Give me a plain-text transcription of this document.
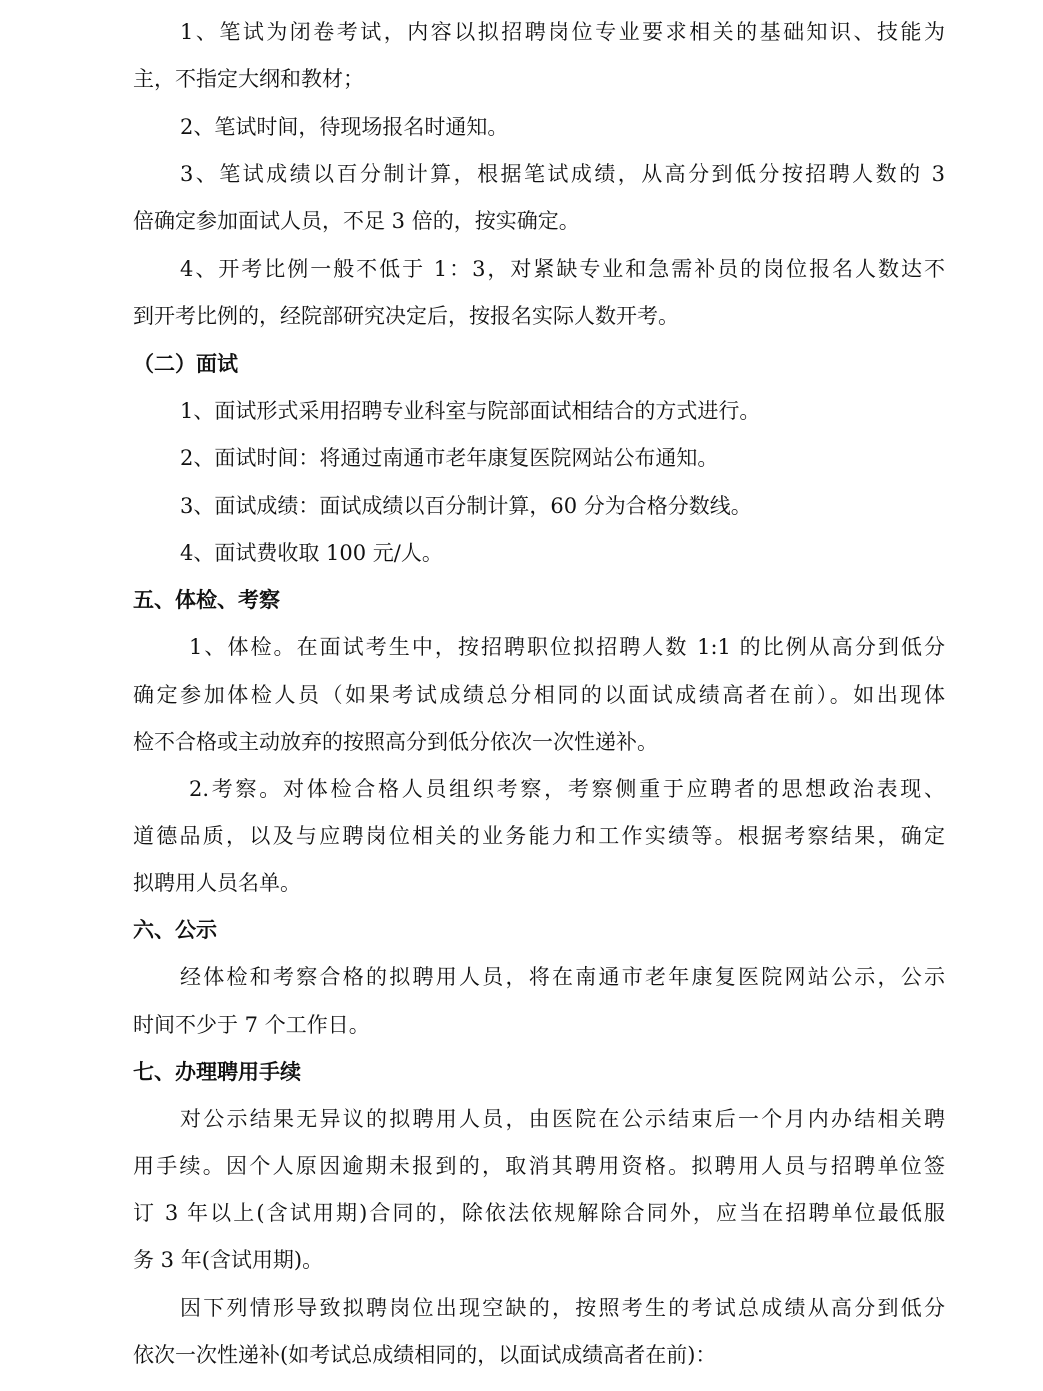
1、笔试为闭卷考试，内容以拟招聘岗位专业要求相关的基础知识、技能为
主，不指定大纲和教材；
2、笔试时间，待现场报名时通知。
3、笔试成绩以百分制计算，根据笔试成绩，从高分到低分按招聘人数的 3
倍确定参加面试人员，不足 3 倍的，按实确定。
4、开考比例一般不低于 1：3，对紧缺专业和急需补员的岗位报名人数达不
到开考比例的，经院部研究决定后，按报名实际人数开考。
（二）面试
1、面试形式采用招聘专业科室与院部面试相结合的方式进行。
2、面试时间：将通过南通市老年康复医院网站公布通知。
3、面试成绩：面试成绩以百分制计算，60 分为合格分数线。
4、面试费收取 100 元/人。
五、体检、考察
1、体检。在面试考生中，按招聘职位拟招聘人数 1:1 的比例从高分到低分
确定参加体检人员（如果考试成绩总分相同的以面试成绩高者在前）。如出现体
检不合格或主动放弃的按照高分到低分依次一次性递补。
2.考察。对体检合格人员组织考察，考察侧重于应聘者的思想政治表现、
道德品质，以及与应聘岗位相关的业务能力和工作实绩等。根据考察结果，确定
拟聘用人员名单。
六、公示
经体检和考察合格的拟聘用人员，将在南通市老年康复医院网站公示，公示
时间不少于 7 个工作日。
七、办理聘用手续
对公示结果无异议的拟聘用人员，由医院在公示结束后一个月内办结相关聘
用手续。因个人原因逾期未报到的，取消其聘用资格。拟聘用人员与招聘单位签
订 3 年以上(含试用期)合同的，除依法依规解除合同外，应当在招聘单位最低服
务 3 年(含试用期)。
因下列情形导致拟聘岗位出现空缺的，按照考生的考试总成绩从高分到低分
依次一次性递补(如考试总成绩相同的，以面试成绩高者在前)：
